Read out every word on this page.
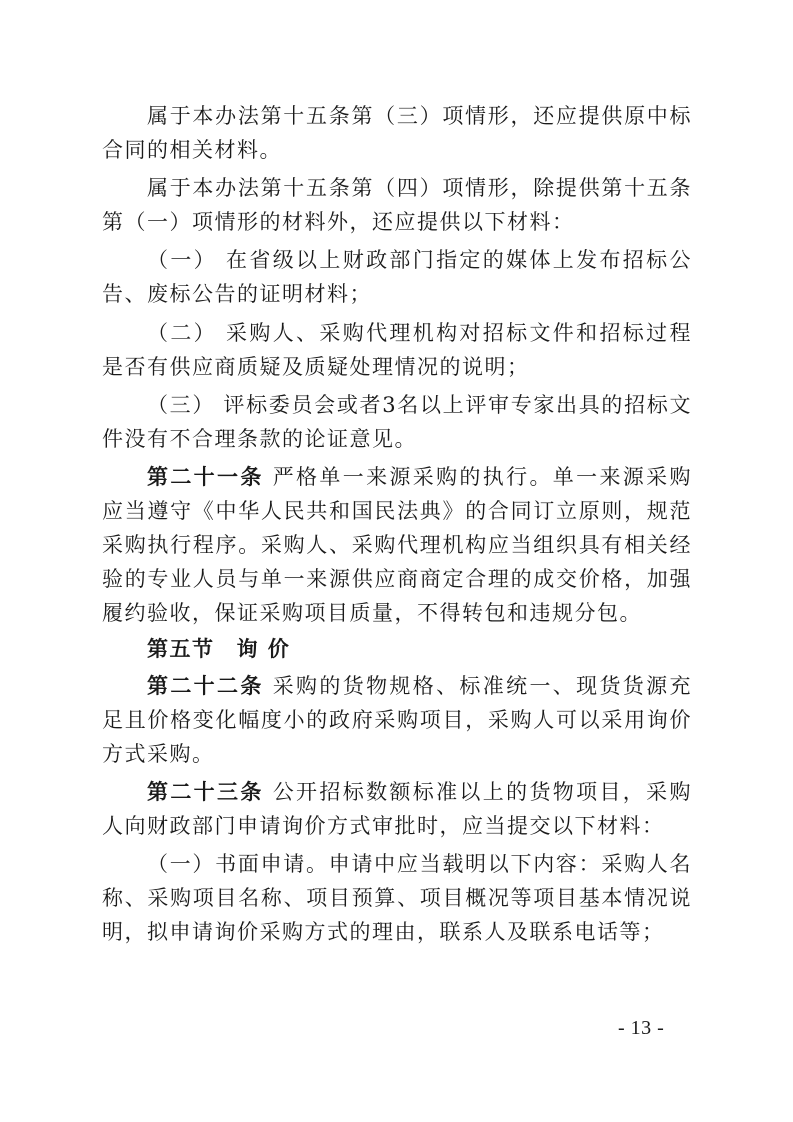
属于本办法第十五条第（三）项情形，还应提供原中标合同的相关材料。

属于本办法第十五条第（四）项情形，除提供第十五条第（一）项情形的材料外，还应提供以下材料：

（一） 在省级以上财政部门指定的媒体上发布招标公告、废标公告的证明材料；

（二） 采购人、采购代理机构对招标文件和招标过程是否有供应商质疑及质疑处理情况的说明；

（三） 评标委员会或者3名以上评审专家出具的招标文件没有不合理条款的论证意见。

第二十一条 严格单一来源采购的执行。单一来源采购应当遵守《中华人民共和国民法典》的合同订立原则，规范采购执行程序。采购人、采购代理机构应当组织具有相关经验的专业人员与单一来源供应商商定合理的成交价格，加强履约验收，保证采购项目质量，不得转包和违规分包。

第五节 询 价

第二十二条 采购的货物规格、标准统一、现货货源充足且价格变化幅度小的政府采购项目，采购人可以采用询价方式采购。

第二十三条 公开招标数额标准以上的货物项目，采购人向财政部门申请询价方式审批时，应当提交以下材料：

（一）书面申请。申请中应当载明以下内容：采购人名称、采购项目名称、项目预算、项目概况等项目基本情况说明，拟申请询价采购方式的理由，联系人及联系电话等；

- 13 -
